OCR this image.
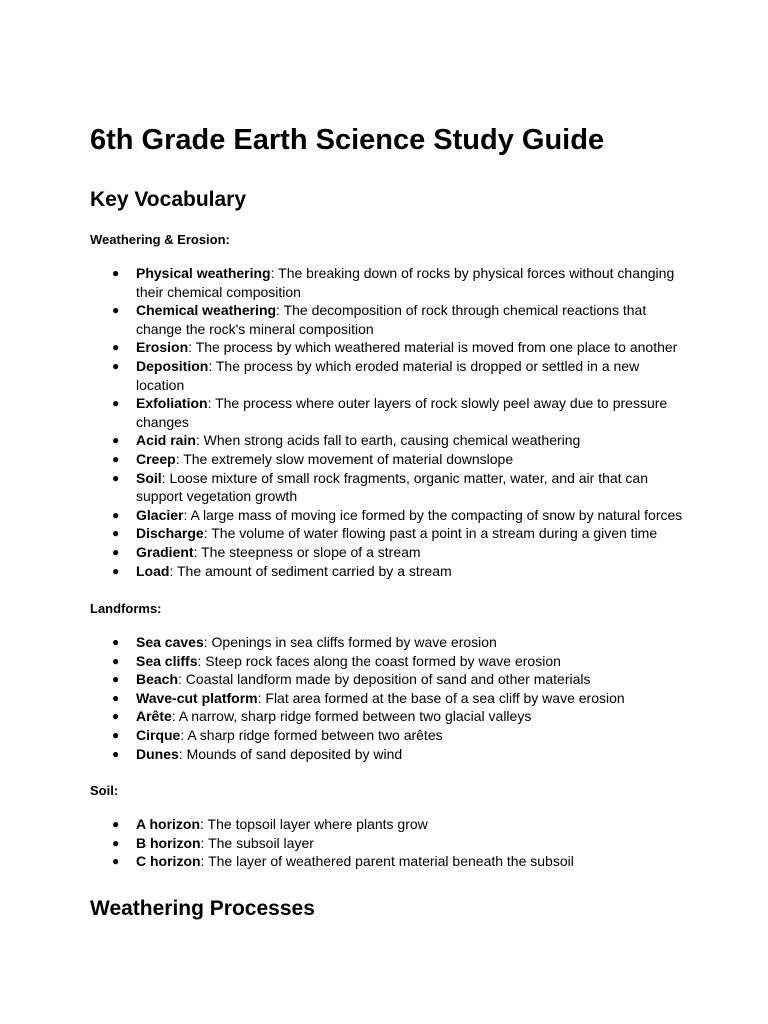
6th Grade Earth Science Study Guide
Key Vocabulary

Weathering & Erosion:

● Physical weathering: The breaking down of rocks by physical forces without changing their chemical composition
● Chemical weathering: The decomposition of rock through chemical reactions that change the rock's mineral composition
● Erosion: The process by which weathered material is moved from one place to another
● Deposition: The process by which eroded material is dropped or settled in a new location
● Exfoliation: The process where outer layers of rock slowly peel away due to pressure changes
● Acid rain: When strong acids fall to earth, causing chemical weathering
● Creep: The extremely slow movement of material downslope
● Soil: Loose mixture of small rock fragments, organic matter, water, and air that can support vegetation growth
● Glacier: A large mass of moving ice formed by the compacting of snow by natural forces
● Discharge: The volume of water flowing past a point in a stream during a given time
● Gradient: The steepness or slope of a stream
● Load: The amount of sediment carried by a stream

Landforms:

● Sea caves: Openings in sea cliffs formed by wave erosion
● Sea cliffs: Steep rock faces along the coast formed by wave erosion
● Beach: Coastal landform made by deposition of sand and other materials
● Wave-cut platform: Flat area formed at the base of a sea cliff by wave erosion
● Arête: A narrow, sharp ridge formed between two glacial valleys
● Cirque: A sharp ridge formed between two arêtes
● Dunes: Mounds of sand deposited by wind

Soil:

● A horizon: The topsoil layer where plants grow
● B horizon: The subsoil layer
● C horizon: The layer of weathered parent material beneath the subsoil
Weathering Processes
